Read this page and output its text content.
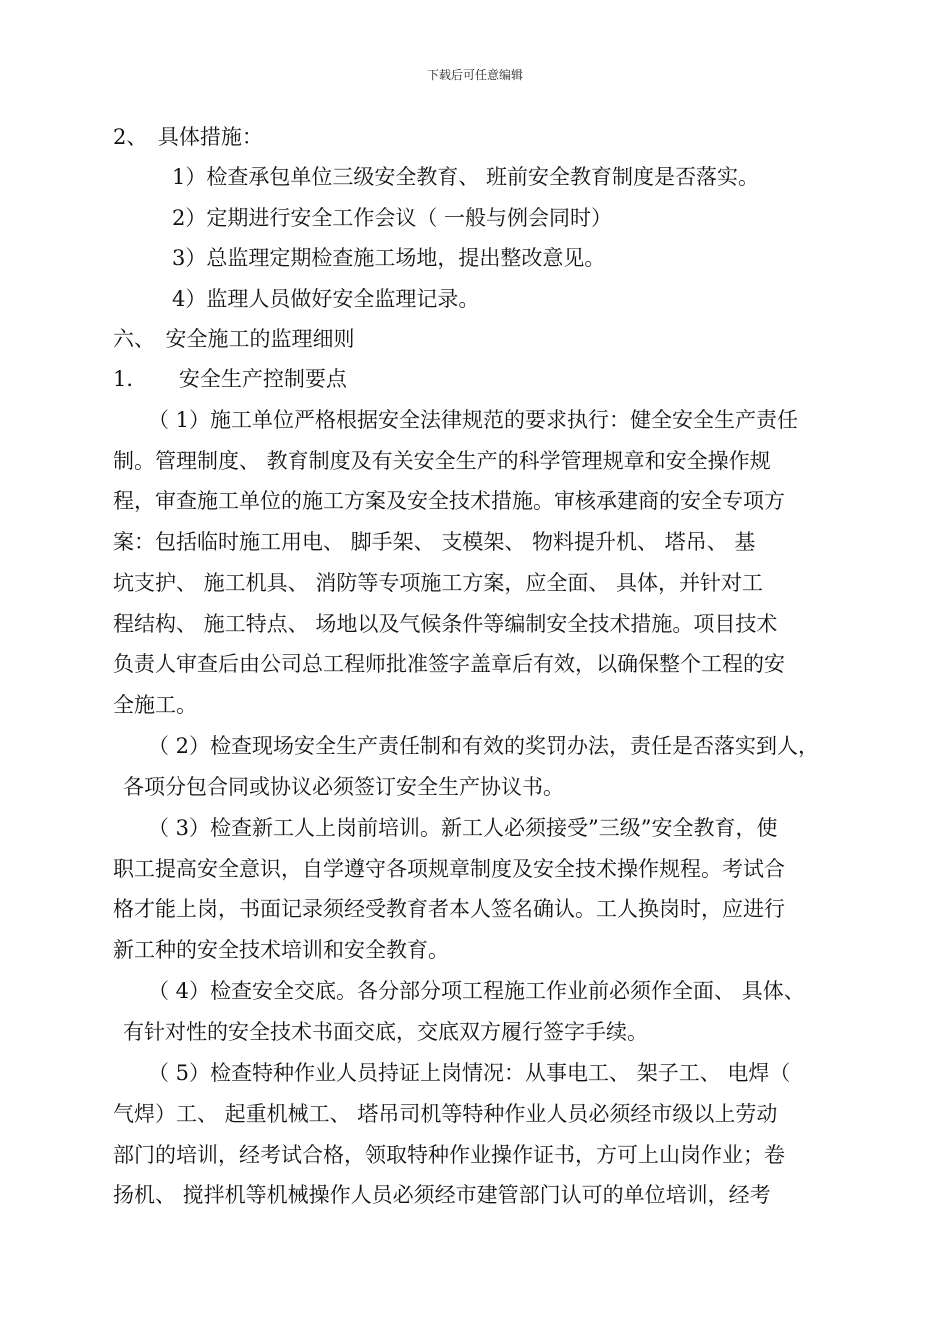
下载后可任意编辑
2、　具体措施：
1）检查承包单位三级安全教育、 班前安全教育制度是否落实。
2）定期进行安全工作会议（ 一般与例会同时）
3）总监理定期检查施工场地，提出整改意见。
4）监理人员做好安全监理记录。
六、　安全施工的监理细则
1．　　安全生产控制要点
（ 1）施工单位严格根据安全法律规范的要求执行：健全安全生产责任
制。管理制度、 教育制度及有关安全生产的科学管理规章和安全操作规
程，审查施工单位的施工方案及安全技术措施。审核承建商的安全专项方
案：包括临时施工用电、 脚手架、 支模架、 物料提升机、 塔吊、 基
坑支护、 施工机具、 消防等专项施工方案，应全面、 具体，并针对工
程结构、 施工特点、 场地以及气候条件等编制安全技术措施。项目技术
负责人审查后由公司总工程师批准签字盖章后有效，以确保整个工程的安
全施工。
（ 2）检查现场安全生产责任制和有效的奖罚办法，责任是否落实到人，
各项分包合同或协议必须签订安全生产协议书。
（ 3）检查新工人上岗前培训。新工人必须接受”三级”安全教育，使
职工提高安全意识，自学遵守各项规章制度及安全技术操作规程。考试合
格才能上岗，书面记录须经受教育者本人签名确认。工人换岗时，应进行
新工种的安全技术培训和安全教育。
（ 4）检查安全交底。各分部分项工程施工作业前必须作全面、 具体、
有针对性的安全技术书面交底，交底双方履行签字手续。
（ 5）检查特种作业人员持证上岗情况：从事电工、 架子工、 电焊（
气焊）工、 起重机械工、 塔吊司机等特种作业人员必须经市级以上劳动
部门的培训，经考试合格，领取特种作业操作证书，方可上山岗作业；卷
扬机、 搅拌机等机械操作人员必须经市建管部门认可的单位培训，经考
